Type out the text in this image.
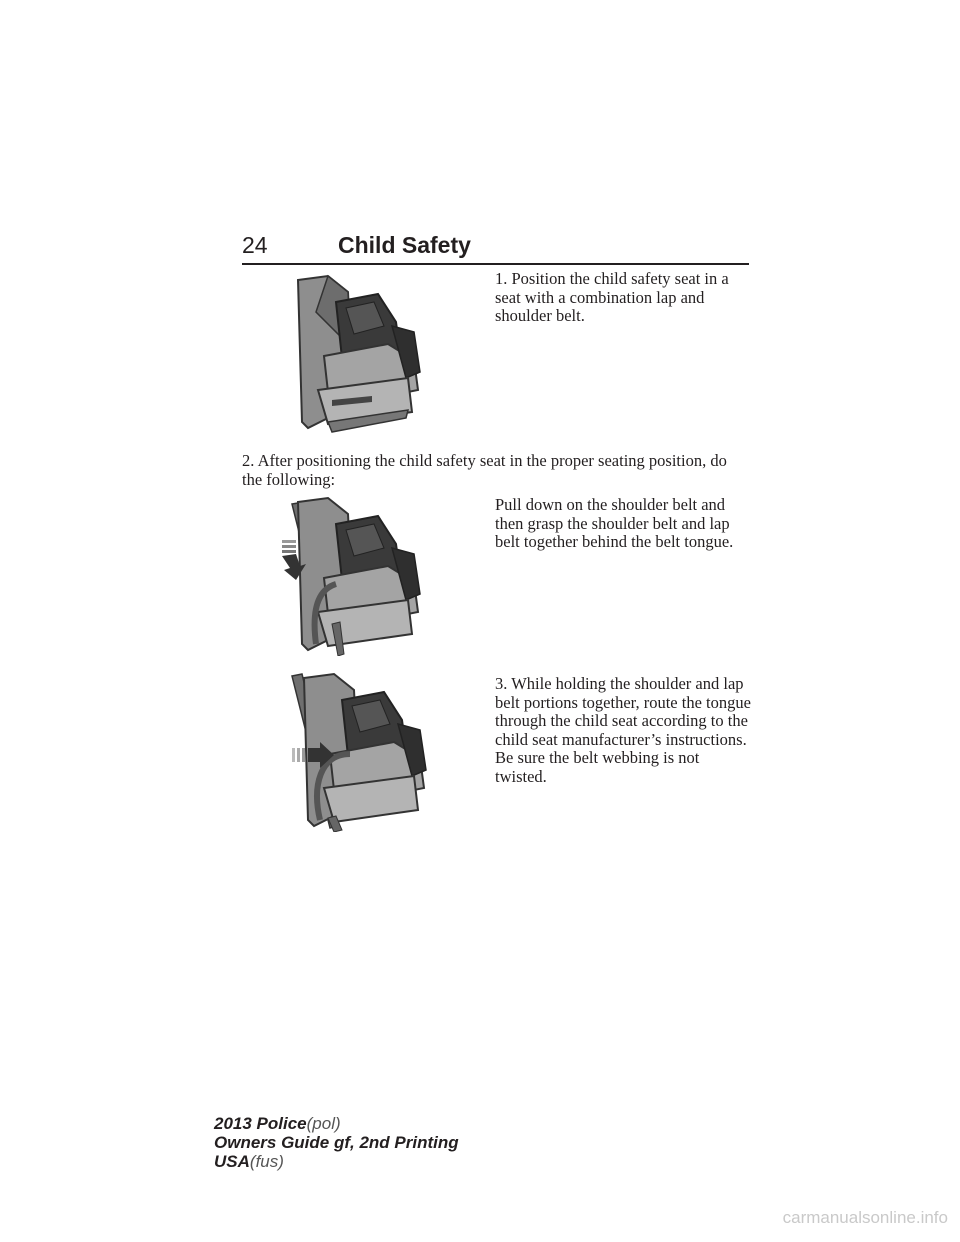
24	Child Safety
1. Position the child safety seat in a seat with a combination lap and shoulder belt.
2. After positioning the child safety seat in the proper seating position, do the following:
Pull down on the shoulder belt and then grasp the shoulder belt and lap belt together behind the belt tongue.
3. While holding the shoulder and lap belt portions together, route the tongue through the child seat according to the child seat manufacturer’s instructions. Be sure the belt webbing is not twisted.
2013 Police(pol)
Owners Guide gf, 2nd Printing
USA(fus)
carmanualsonline.info
